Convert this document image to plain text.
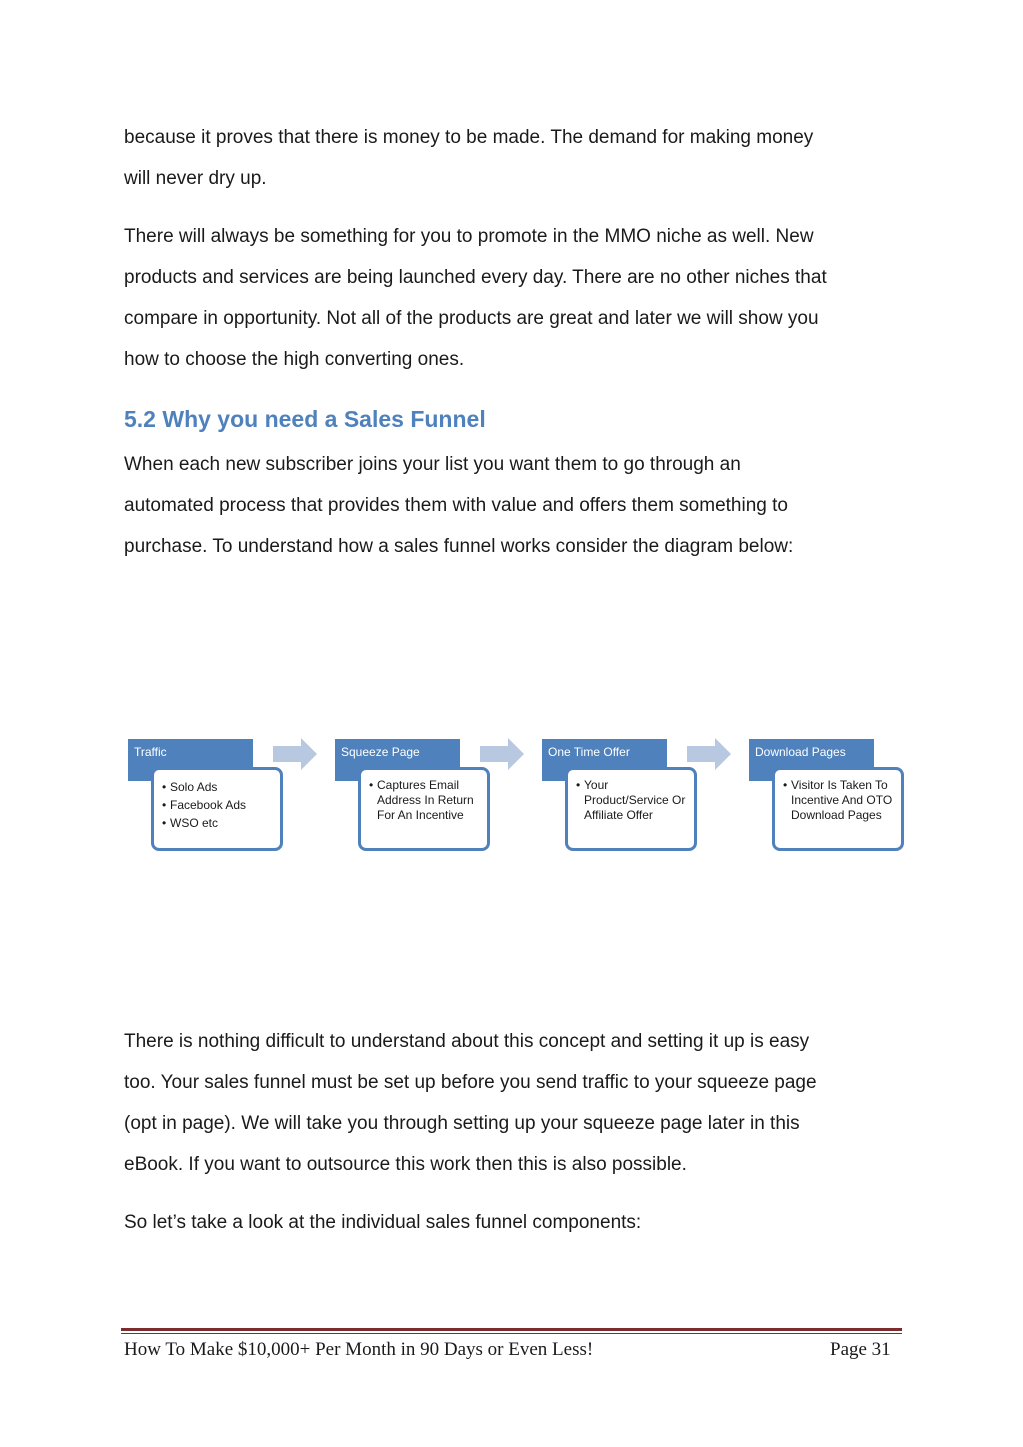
because it proves that there is money to be made. The demand for making money

will never dry up.

There will always be something for you to promote in the MMO niche as well. New

products and services are being launched every day. There are no other niches that

compare in opportunity. Not all of the products are great and later we will show you

how to choose the high converting ones.

5.2 Why you need a Sales Funnel

When each new subscriber joins your list you want them to go through an

automated process that provides them with value and offers them something to

purchase. To understand how a sales funnel works consider the diagram below:

Traffic
• Solo Ads
• Facebook Ads
• WSO etc
Squeeze Page
• Captures Email Address In Return For An Incentive
One Time Offer
• Your Product/Service Or Affiliate Offer
Download Pages
• Visitor Is Taken To Incentive And OTO Download Pages

There is nothing difficult to understand about this concept and setting it up is easy

too. Your sales funnel must be set up before you send traffic to your squeeze page

(opt in page). We will take you through setting up your squeeze page later in this

eBook. If you want to outsource this work then this is also possible.

So let’s take a look at the individual sales funnel components:

How To Make $10,000+ Per Month in 90 Days or Even Less!	Page 31
